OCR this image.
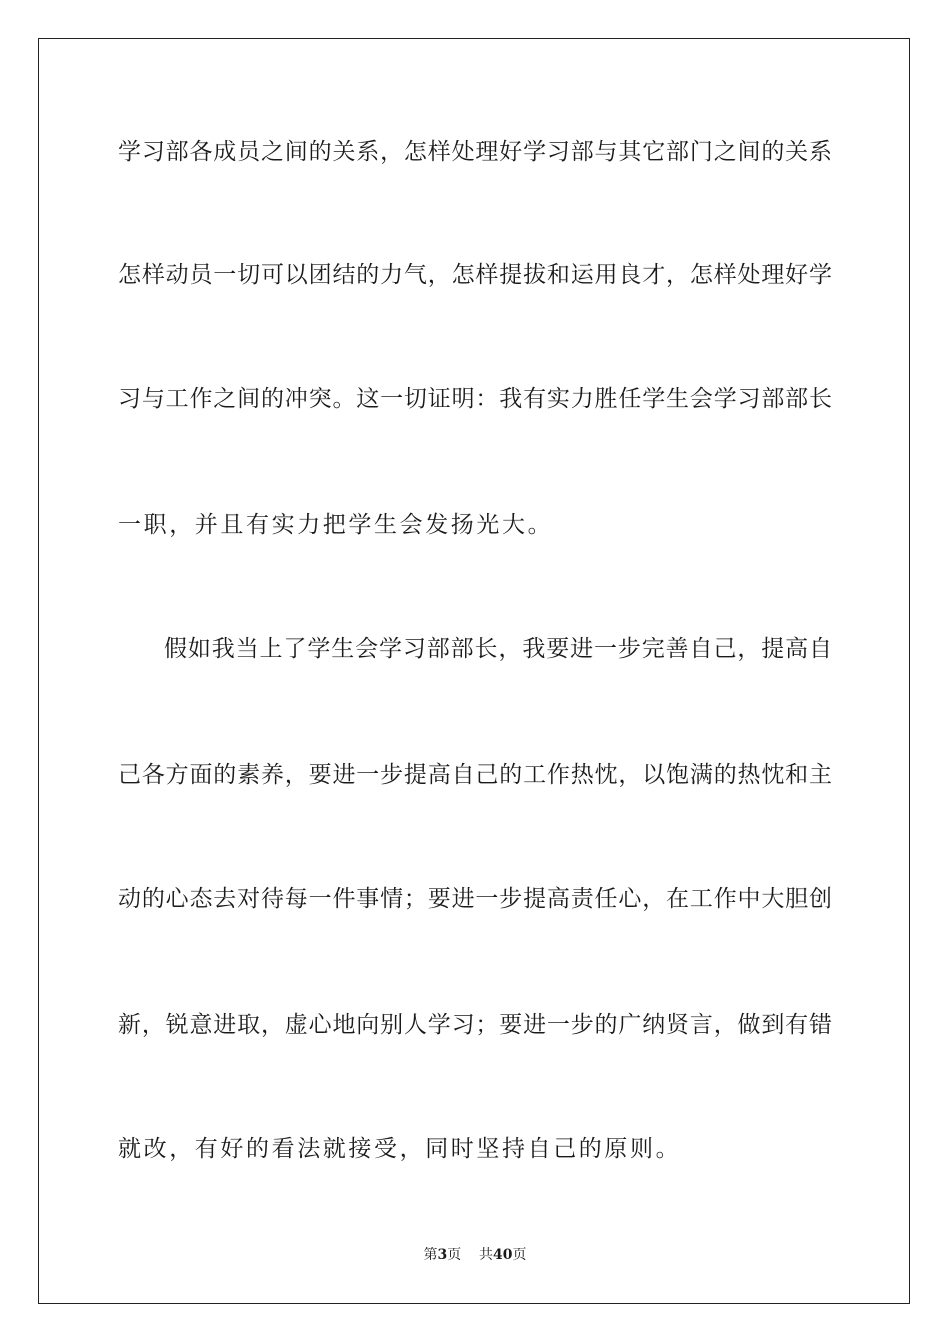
学习部各成员之间的关系，怎样处理好学习部与其它部门之间的关系
怎样动员一切可以团结的力气，怎样提拔和运用良才，怎样处理好学
习与工作之间的冲突。这一切证明：我有实力胜任学生会学习部部长
一职，并且有实力把学生会发扬光大。
假如我当上了学生会学习部部长，我要进一步完善自己，提高自
己各方面的素养，要进一步提高自己的工作热忱，以饱满的热忱和主
动的心态去对待每一件事情；要进一步提高责任心，在工作中大胆创
新，锐意进取，虚心地向别人学习；要进一步的广纳贤言，做到有错
就改，有好的看法就接受，同时坚持自己的原则。
第3页 共40页
